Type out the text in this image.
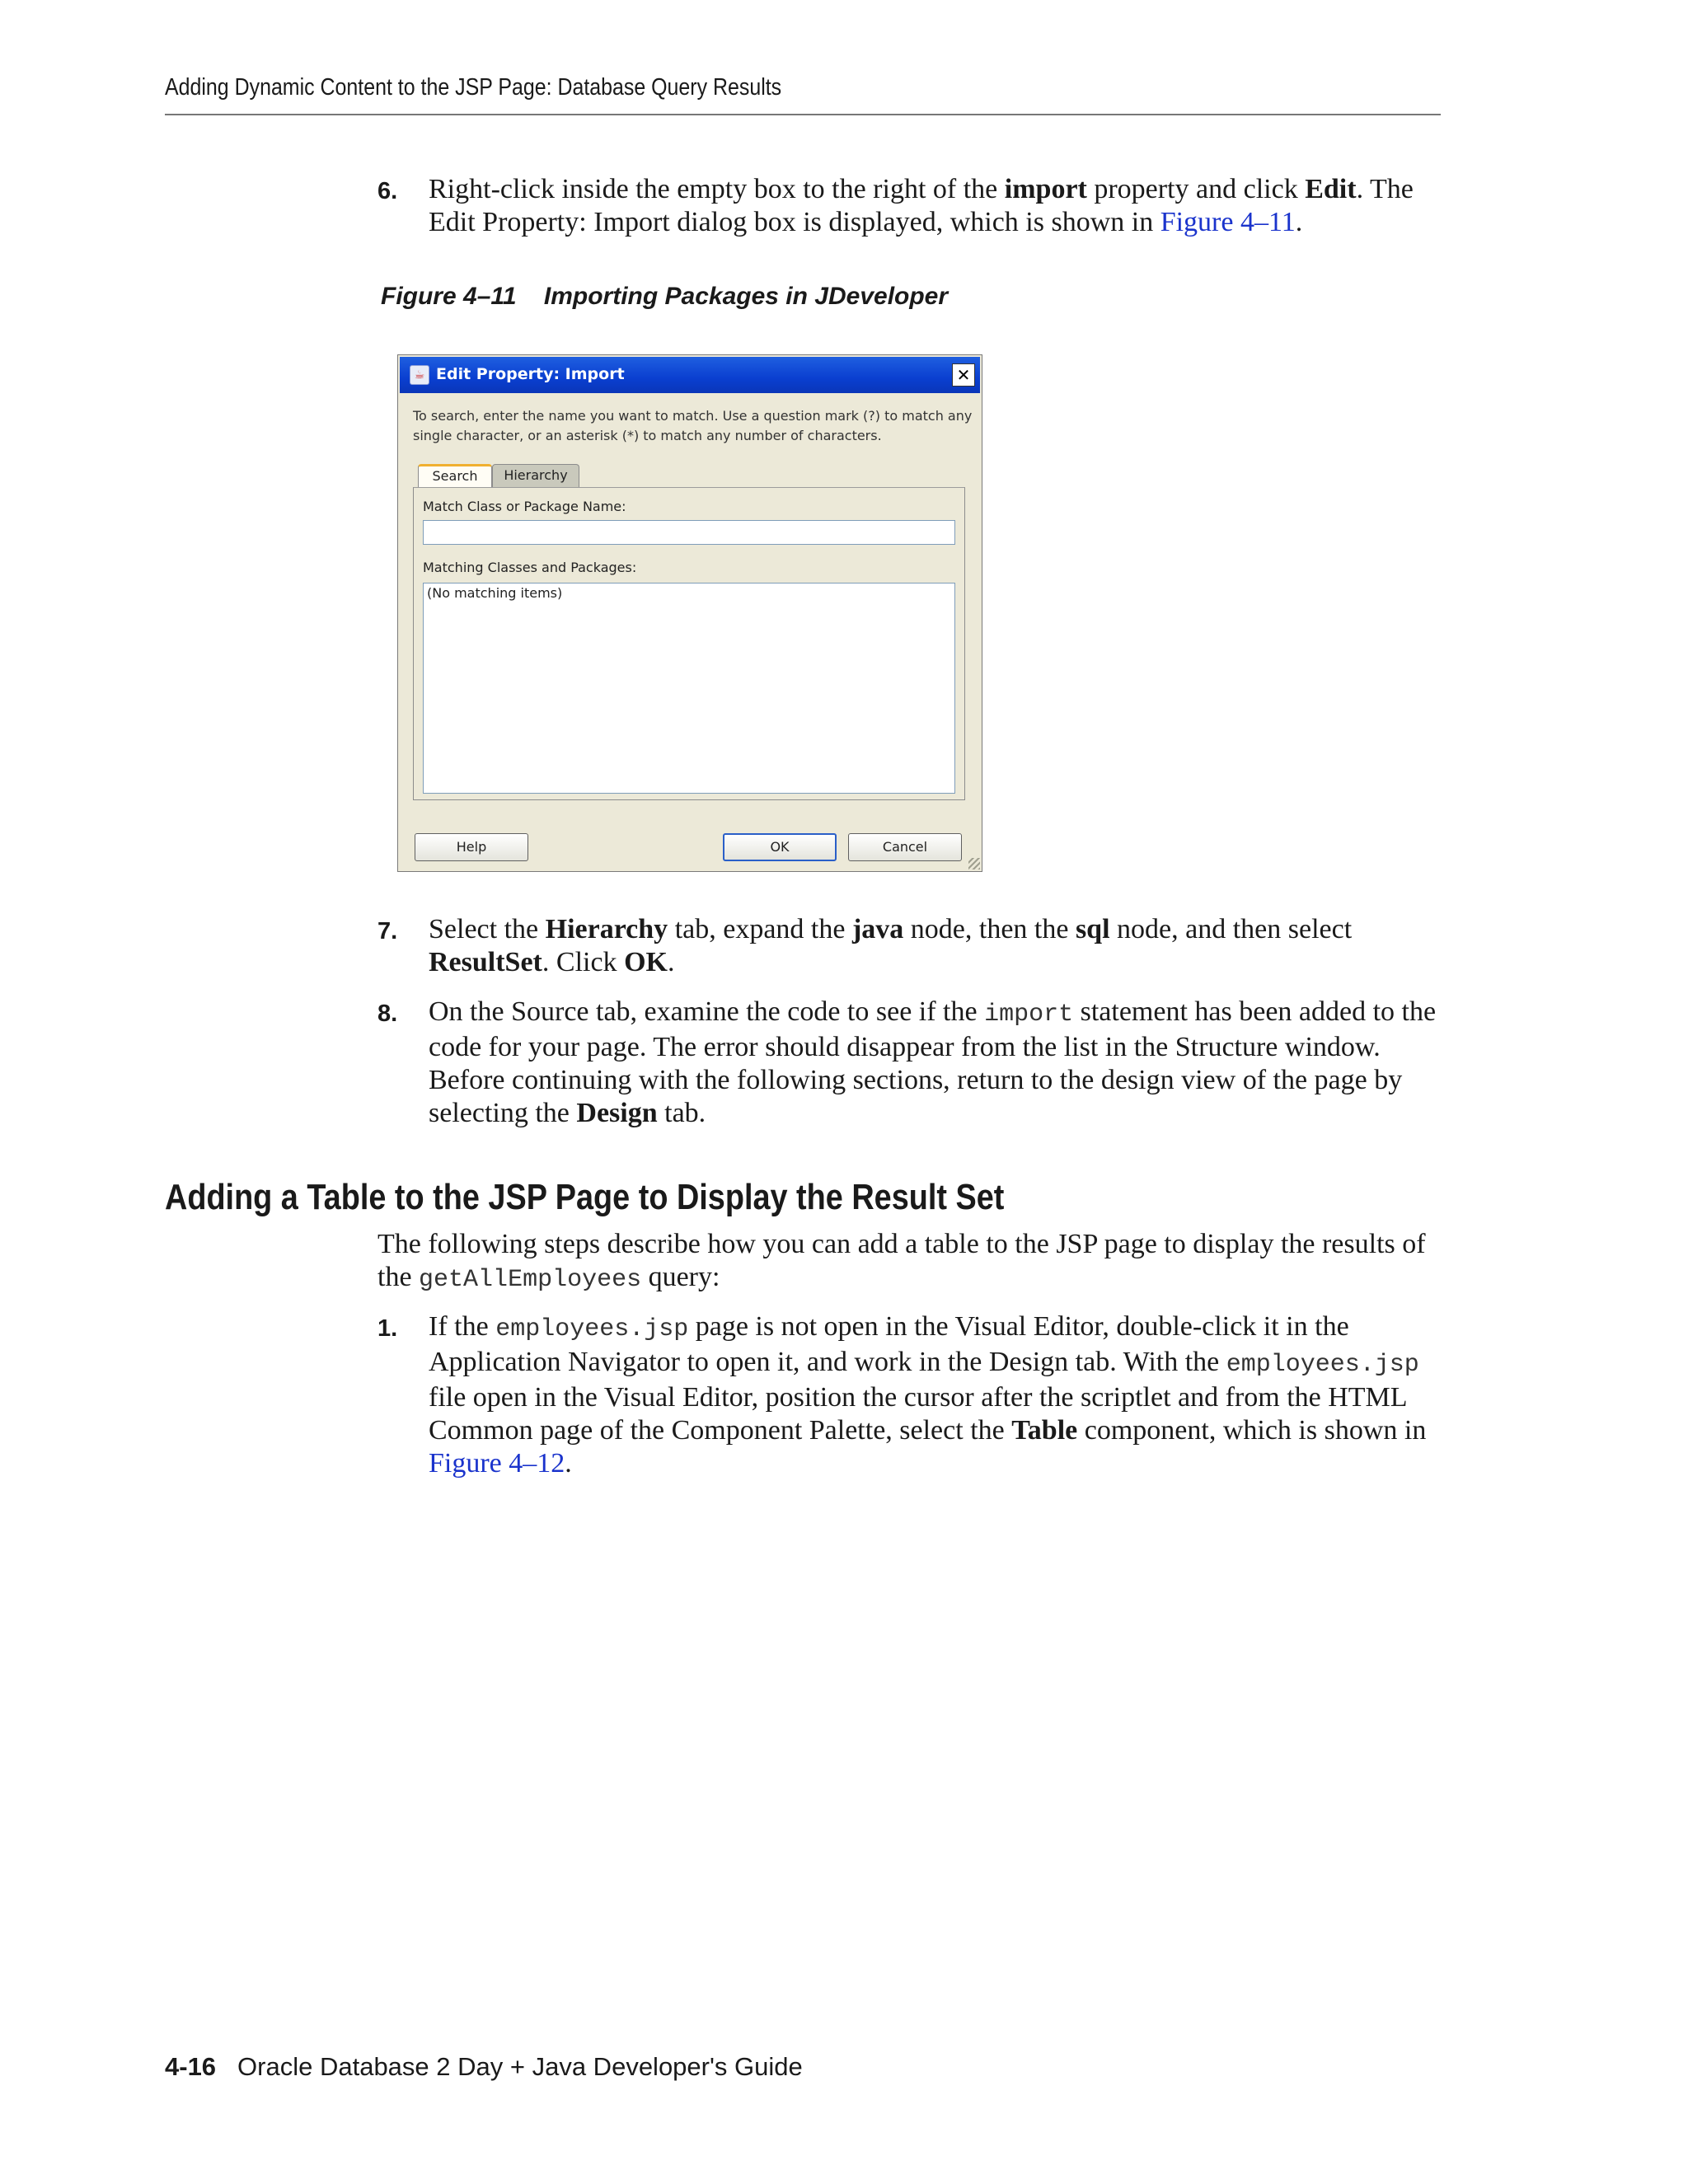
Adding Dynamic Content to the JSP Page: Database Query Results
6. Right-click inside the empty box to the right of the import property and click Edit. The Edit Property: Import dialog box is displayed, which is shown in Figure 4–11.
Figure 4–11 Importing Packages in JDeveloper
☕ Edit Property: Import	✕
To search, enter the name you want to match. Use a question mark (?) to match any single character, or an asterisk (*) to match any number of characters.
Search	Hierarchy
Match Class or Package Name:
Matching Classes and Packages:
(No matching items)
Help	OK	Cancel
7. Select the Hierarchy tab, expand the java node, then the sql node, and then select ResultSet. Click OK.
8. On the Source tab, examine the code to see if the import statement has been added to the code for your page. The error should disappear from the list in the Structure window. Before continuing with the following sections, return to the design view of the page by selecting the Design tab.
Adding a Table to the JSP Page to Display the Result Set
The following steps describe how you can add a table to the JSP page to display the results of the getAllEmployees query:
1. If the employees.jsp page is not open in the Visual Editor, double-click it in the Application Navigator to open it, and work in the Design tab. With the employees.jsp file open in the Visual Editor, position the cursor after the scriptlet and from the HTML Common page of the Component Palette, select the Table component, which is shown in Figure 4–12.
4-16 Oracle Database 2 Day + Java Developer's Guide
